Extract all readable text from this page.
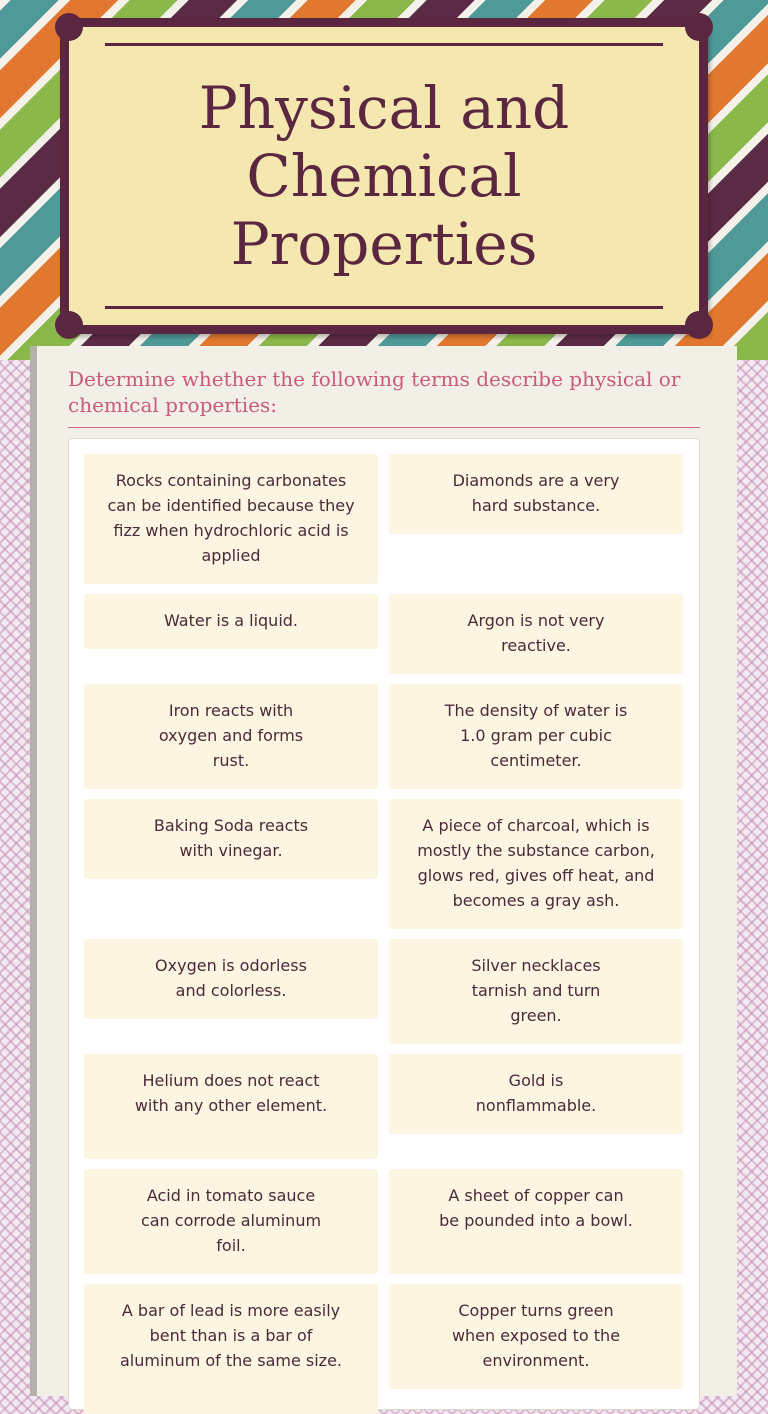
Physical and Chemical Properties

Determine whether the following terms describe physical or chemical properties:

Rocks containing carbonates can be identified because they fizz when hydrochloric acid is applied
Diamonds are a very hard substance.
Water is a liquid.	Argon is not very reactive.
Iron reacts with oxygen and forms rust.
The density of water is 1.0 gram per cubic centimeter.
Baking Soda reacts with vinegar.
A piece of charcoal, which is mostly the substance carbon, glows red, gives off heat, and becomes a gray ash.
Oxygen is odorless and colorless.
Silver necklaces tarnish and turn green.
Helium does not react with any other element.
Gold is nonflammable.
Acid in tomato sauce can corrode aluminum foil.
A sheet of copper can be pounded into a bowl.
A bar of lead is more easily bent than is a bar of aluminum of the same size.
Copper turns green when exposed to the environment.
